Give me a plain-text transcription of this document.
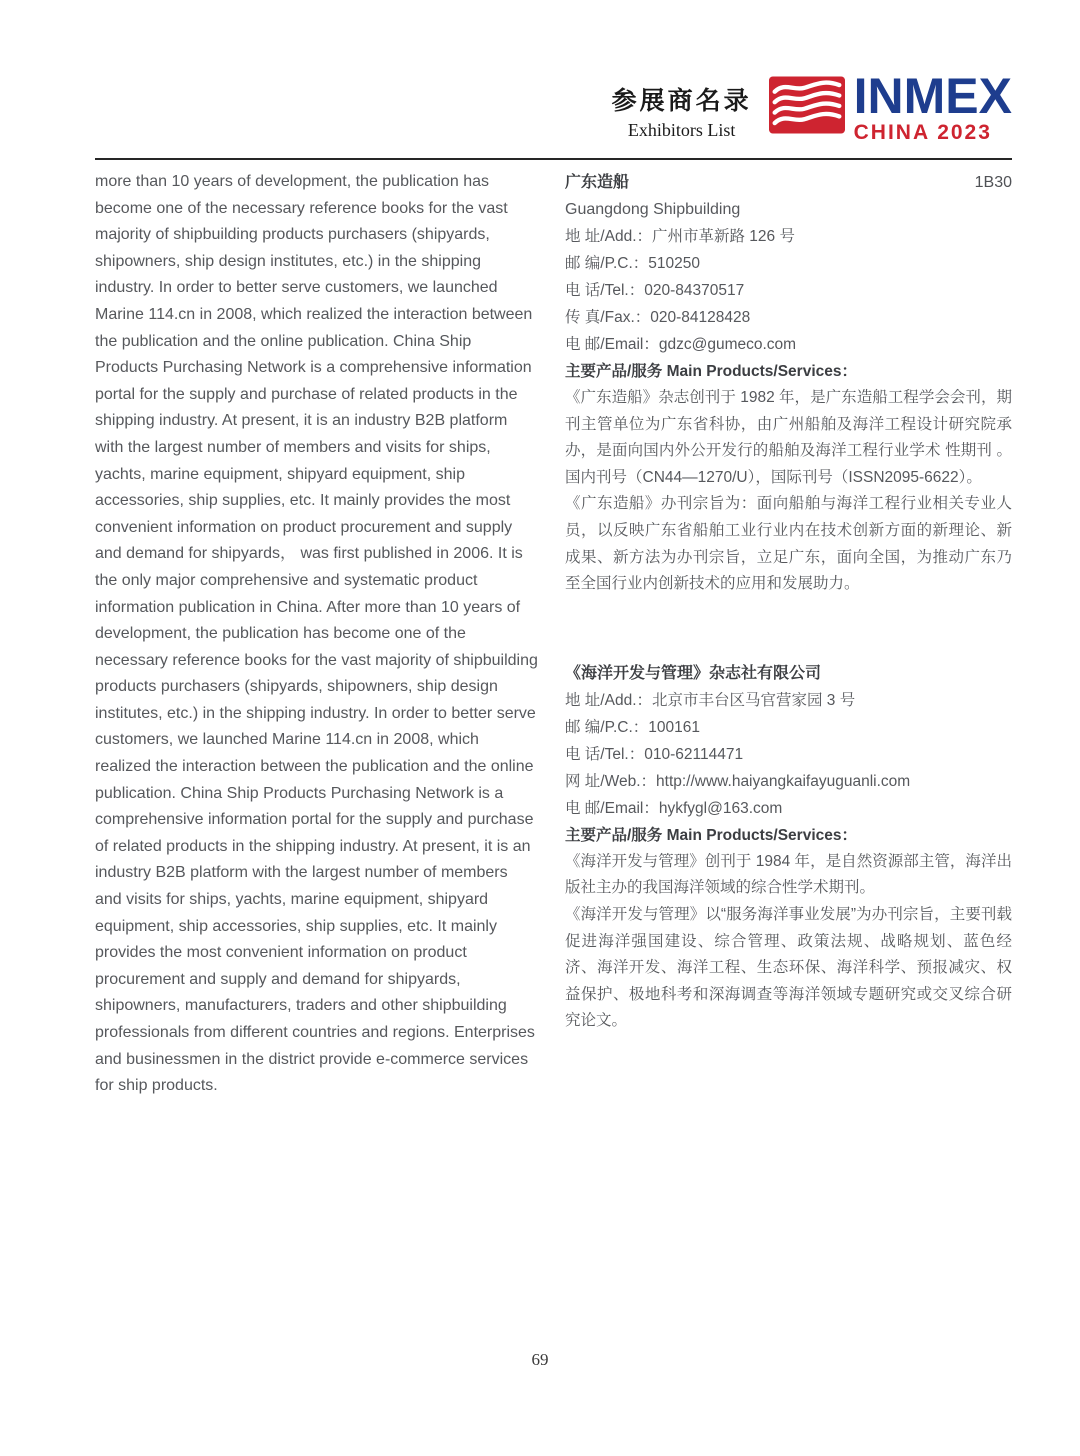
参展商名录
Exhibitors List
INMEX
CHINA 2023

more than 10 years of development, the publication has become one of the necessary reference books for the vast majority of shipbuilding products purchasers (shipyards, shipowners, ship design institutes, etc.) in the shipping industry. In order to better serve customers, we launched Marine 114.cn in 2008, which realized the interaction between the publication and the online publication. China Ship Products Purchasing Network is a comprehensive information portal for the supply and purchase of related products in the shipping industry. At present, it is an industry B2B platform with the largest number of members and visits for ships, yachts, marine equipment, shipyard equipment, ship accessories, ship supplies, etc. It mainly provides the most convenient information on product procurement and supply and demand for shipyards， was first published in 2006. It is the only major comprehensive and systematic product information publication in China. After more than 10 years of development, the publication has become one of the necessary reference books for the vast majority of shipbuilding products purchasers (shipyards, shipowners, ship design institutes, etc.) in the shipping industry. In order to better serve customers, we launched Marine 114.cn in 2008, which realized the interaction between the publication and the online publication. China Ship Products Purchasing Network is a comprehensive information portal for the supply and purchase of related products in the shipping industry. At present, it is an industry B2B platform with the largest number of members and visits for ships, yachts, marine equipment, shipyard equipment, ship accessories, ship supplies, etc. It mainly provides the most convenient information on product procurement and supply and demand for shipyards, shipowners, manufacturers, traders and other shipbuilding professionals from different countries and regions. Enterprises and businessmen in the district provide e-commerce services for ship products.

广东造船	1B30
Guangdong Shipbuilding
地 址/Add.：广州市革新路 126 号
邮 编/P.C.：510250
电 话/Tel.：020-84370517
传 真/Fax.：020-84128428
电 邮/Email：gdzc@gumeco.com
主要产品/服务 Main Products/Services：

《广东造船》杂志创刊于 1982 年，是广东造船工程学会会刊，期刊主管单位为广东省科协，由广州船舶及海洋工程设计研究院承办，是面向国内外公开发行的船舶及海洋工程行业学术 性期刊 。国内刊号（CN44—1270/U），国际刊号（ISSN2095-6622）。

《广东造船》办刊宗旨为：面向船舶与海洋工程行业相关专业人员，以反映广东省船舶工业行业内在技术创新方面的新理论、新成果、新方法为办刊宗旨，立足广东，面向全国，为推动广东乃至全国行业内创新技术的应用和发展助力。

《海洋开发与管理》杂志社有限公司
地 址/Add.：北京市丰台区马官营家园 3 号
邮 编/P.C.：100161
电 话/Tel.：010-62114471
网 址/Web.：http://www.haiyangkaifayuguanli.com
电 邮/Email：hykfygl@163.com
主要产品/服务 Main Products/Services：

《海洋开发与管理》创刊于 1984 年，是自然资源部主管，海洋出版社主办的我国海洋领域的综合性学术期刊。

《海洋开发与管理》以“服务海洋事业发展”为办刊宗旨，主要刊载促进海洋强国建设、综合管理、政策法规、战略规划、蓝色经济、海洋开发、海洋工程、生态环保、海洋科学、预报减灾、权益保护、极地科考和深海调查等海洋领域专题研究或交叉综合研究论文。

69
